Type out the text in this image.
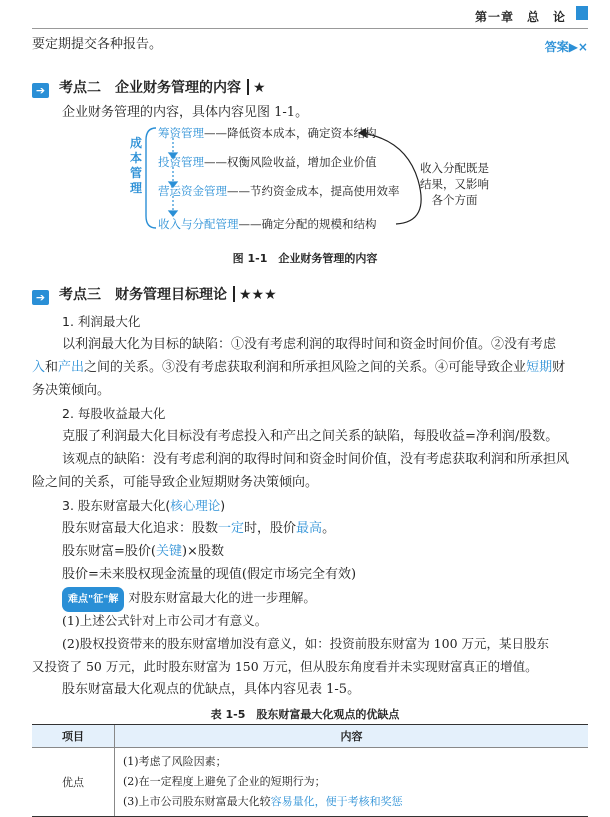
第一章　总　论
要定期提交各种报告。	答案▶×
➔ 考点二　企业财务管理的内容 ★
企业财务管理的内容，具体内容见图 1-1。
成
本
管
理
筹资管理——降低资本成本，确定资本结构
投资管理——权衡风险收益，增加企业价值
营运资金管理——节约资金成本，提高使用效率
收入与分配管理——确定分配的规模和结构
收入分配既是
结果，又影响
各个方面
图 1-1　企业财务管理的内容
➔ 考点三　财务管理目标理论 ★★★
1. 利润最大化
以利润最大化为目标的缺陷：①没有考虑利润的取得时间和资金时间价值。②没有考虑
入和产出之间的关系。③没有考虑获取利润和所承担风险之间的关系。④可能导致企业短期财
务决策倾向。
2. 每股收益最大化
克服了利润最大化目标没有考虑投入和产出之间关系的缺陷，每股收益=净利润/股数。
该观点的缺陷：没有考虑利润的取得时间和资金时间价值，没有考虑获取利润和所承担风
险之间的关系，可能导致企业短期财务决策倾向。
3. 股东财富最大化(核心理论)
股东财富最大化追求：股数一定时，股价最高。
股东财富=股价(关键)×股数
股价=未来股权现金流量的现值(假定市场完全有效)
难点"征"解 对股东财富最大化的进一步理解。
(1)上述公式针对上市公司才有意义。
(2)股权投资带来的股东财富增加没有意义，如：投资前股东财富为 100 万元，某日股东
又投资了 50 万元，此时股东财富为 150 万元，但从股东角度看并未实现财富真正的增值。
股东财富最大化观点的优缺点，具体内容见表 1-5。
表 1-5　股东财富最大化观点的优缺点
项目	内容
优点	(1)考虑了风险因素；
(2)在一定程度上避免了企业的短期行为；
(3)上市公司股东财富最大化较容易量化，便于考核和奖惩
